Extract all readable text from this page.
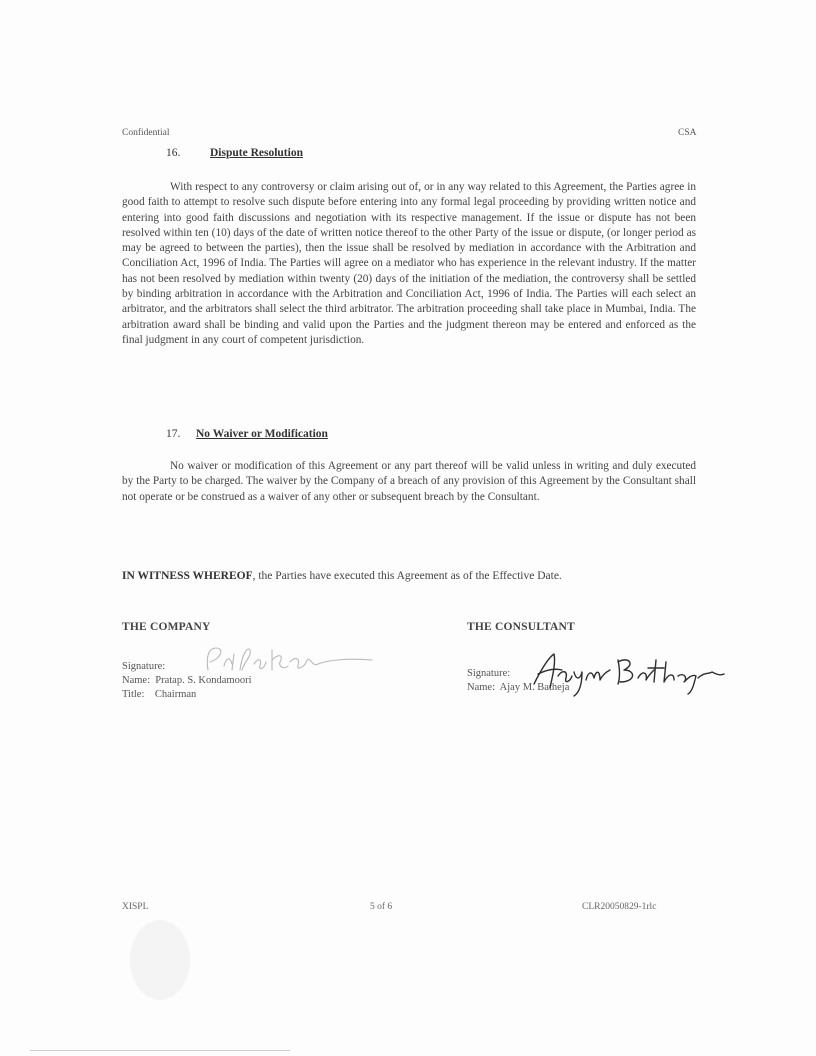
Confidential	CSA
16.	Dispute Resolution
With respect to any controversy or claim arising out of, or in any way related to this Agreement, the Parties agree in good faith to attempt to resolve such dispute before entering into any formal legal proceeding by providing written notice and entering into good faith discussions and negotiation with its respective management. If the issue or dispute has not been resolved within ten (10) days of the date of written notice thereof to the other Party of the issue or dispute, (or longer period as may be agreed to between the parties), then the issue shall be resolved by mediation in accordance with the Arbitration and Conciliation Act, 1996 of India. The Parties will agree on a mediator who has experience in the relevant industry. If the matter has not been resolved by mediation within twenty (20) days of the initiation of the mediation, the controversy shall be settled by binding arbitration in accordance with the Arbitration and Conciliation Act, 1996 of India. The Parties will each select an arbitrator, and the arbitrators shall select the third arbitrator. The arbitration proceeding shall take place in Mumbai, India. The arbitration award shall be binding and valid upon the Parties and the judgment thereon may be entered and enforced as the final judgment in any court of competent jurisdiction.
17. No Waiver or Modification
No waiver or modification of this Agreement or any part thereof will be valid unless in writing and duly executed by the Party to be charged. The waiver by the Company of a breach of any provision of this Agreement by the Consultant shall not operate or be construed as a waiver of any other or subsequent breach by the Consultant.
IN WITNESS WHEREOF, the Parties have executed this Agreement as of the Effective Date.
THE COMPANY
Signature:
Name: Pratap. S. Kondamoori
Title: Chairman
THE CONSULTANT
Signature:
Name: Ajay M. Batheja
XISPL	5 of 6	CLR20050829-1rlc
